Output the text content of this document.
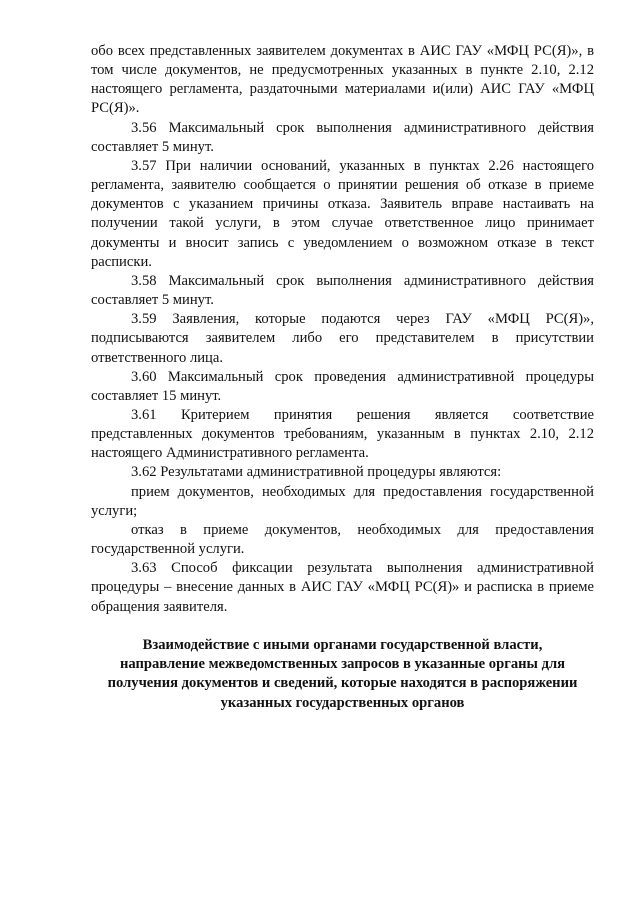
обо всех представленных заявителем документах в АИС ГАУ «МФЦ РС(Я)», в том числе документов, не предусмотренных указанных в пункте 2.10, 2.12 настоящего регламента, раздаточными материалами и(или) АИС ГАУ «МФЦ РС(Я)».

3.56 Максимальный срок выполнения административного действия составляет 5 минут.

3.57 При наличии оснований, указанных в пунктах 2.26 настоящего регламента, заявителю сообщается о принятии решения об отказе в приеме документов с указанием причины отказа. Заявитель вправе настаивать на получении такой услуги, в этом случае ответственное лицо принимает документы и вносит запись с уведомлением о возможном отказе в текст расписки.

3.58 Максимальный срок выполнения административного действия составляет 5 минут.

3.59 Заявления, которые подаются через ГАУ «МФЦ РС(Я)», подписываются заявителем либо его представителем в присутствии ответственного лица.

3.60 Максимальный срок проведения административной процедуры составляет 15 минут.

3.61 Критерием принятия решения является соответствие представленных документов требованиям, указанным в пунктах 2.10, 2.12 настоящего Административного регламента.

3.62 Результатами административной процедуры являются:

прием документов, необходимых для предоставления государственной услуги;

отказ в приеме документов, необходимых для предоставления государственной услуги.

3.63 Способ фиксации результата выполнения административной процедуры – внесение данных в АИС ГАУ «МФЦ РС(Я)» и расписка в приеме обращения заявителя.

Взаимодействие с иными органами государственной власти,
направление межведомственных запросов в указанные органы для
получения документов и сведений, которые находятся в распоряжении
указанных государственных органов
